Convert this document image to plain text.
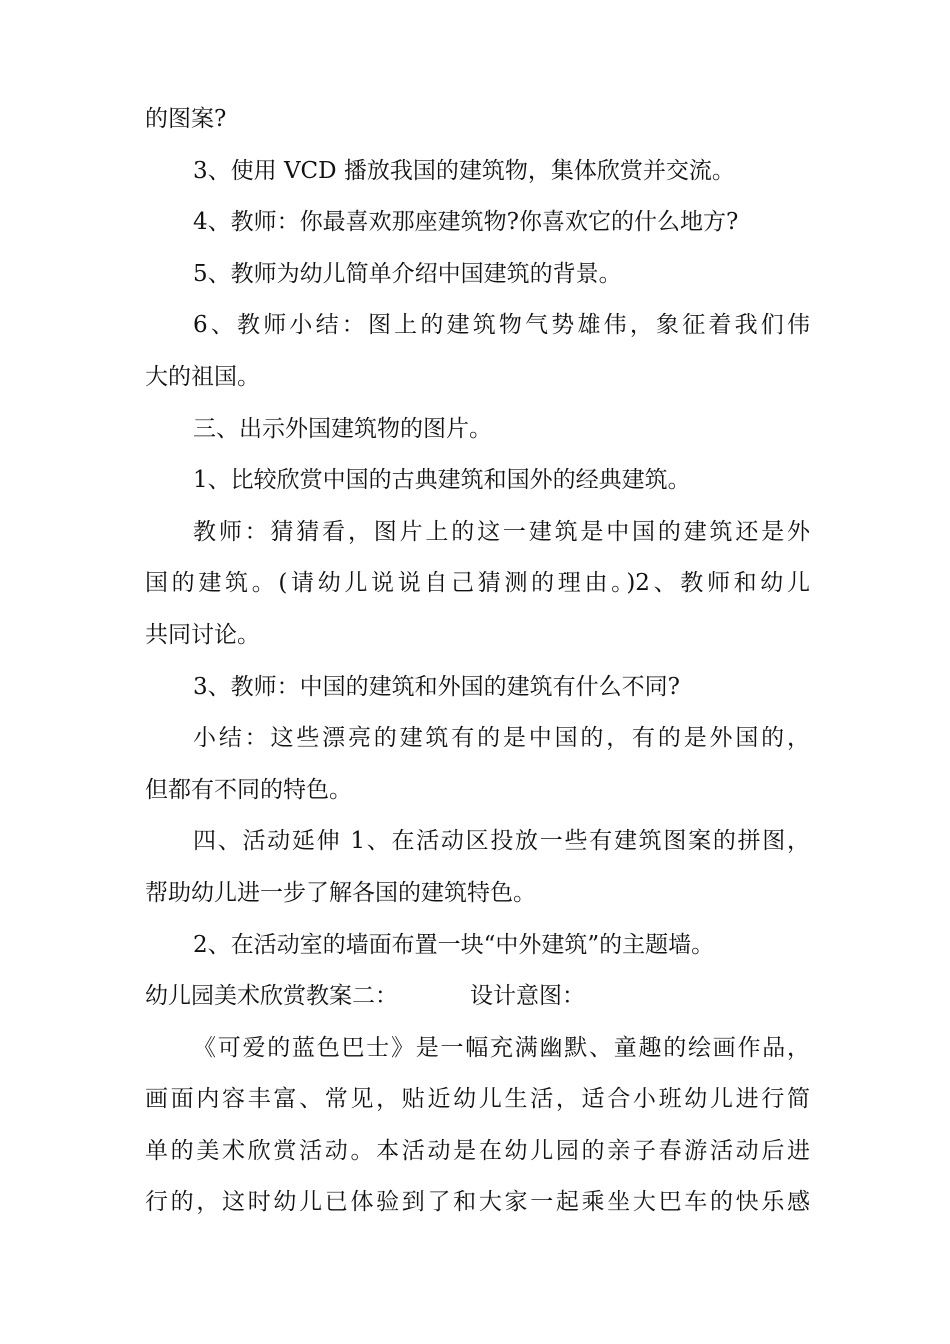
的图案?
3、使用 VCD 播放我国的建筑物，集体欣赏并交流。
4、教师：你最喜欢那座建筑物?你喜欢它的什么地方?
5、教师为幼儿简单介绍中国建筑的背景。
6、教师小结：图上的建筑物气势雄伟，象征着我们伟
大的祖国。
三、出示外国建筑物的图片。
1、比较欣赏中国的古典建筑和国外的经典建筑。
教师：猜猜看，图片上的这一建筑是中国的建筑还是外
国的建筑。(请幼儿说说自己猜测的理由。)2、教师和幼儿
共同讨论。
3、教师：中国的建筑和外国的建筑有什么不同?
小结：这些漂亮的建筑有的是中国的，有的是外国的，
但都有不同的特色。
四、活动延伸 1、在活动区投放一些有建筑图案的拼图，
帮助幼儿进一步了解各国的建筑特色。
2、在活动室的墙面布置一块“中外建筑”的主题墙。
幼儿园美术欣赏教案二：	设计意图：
《可爱的蓝色巴士》是一幅充满幽默、童趣的绘画作品，
画面内容丰富、常见，贴近幼儿生活，适合小班幼儿进行简
单的美术欣赏活动。本活动是在幼儿园的亲子春游活动后进
行的，这时幼儿已体验到了和大家一起乘坐大巴车的快乐感
